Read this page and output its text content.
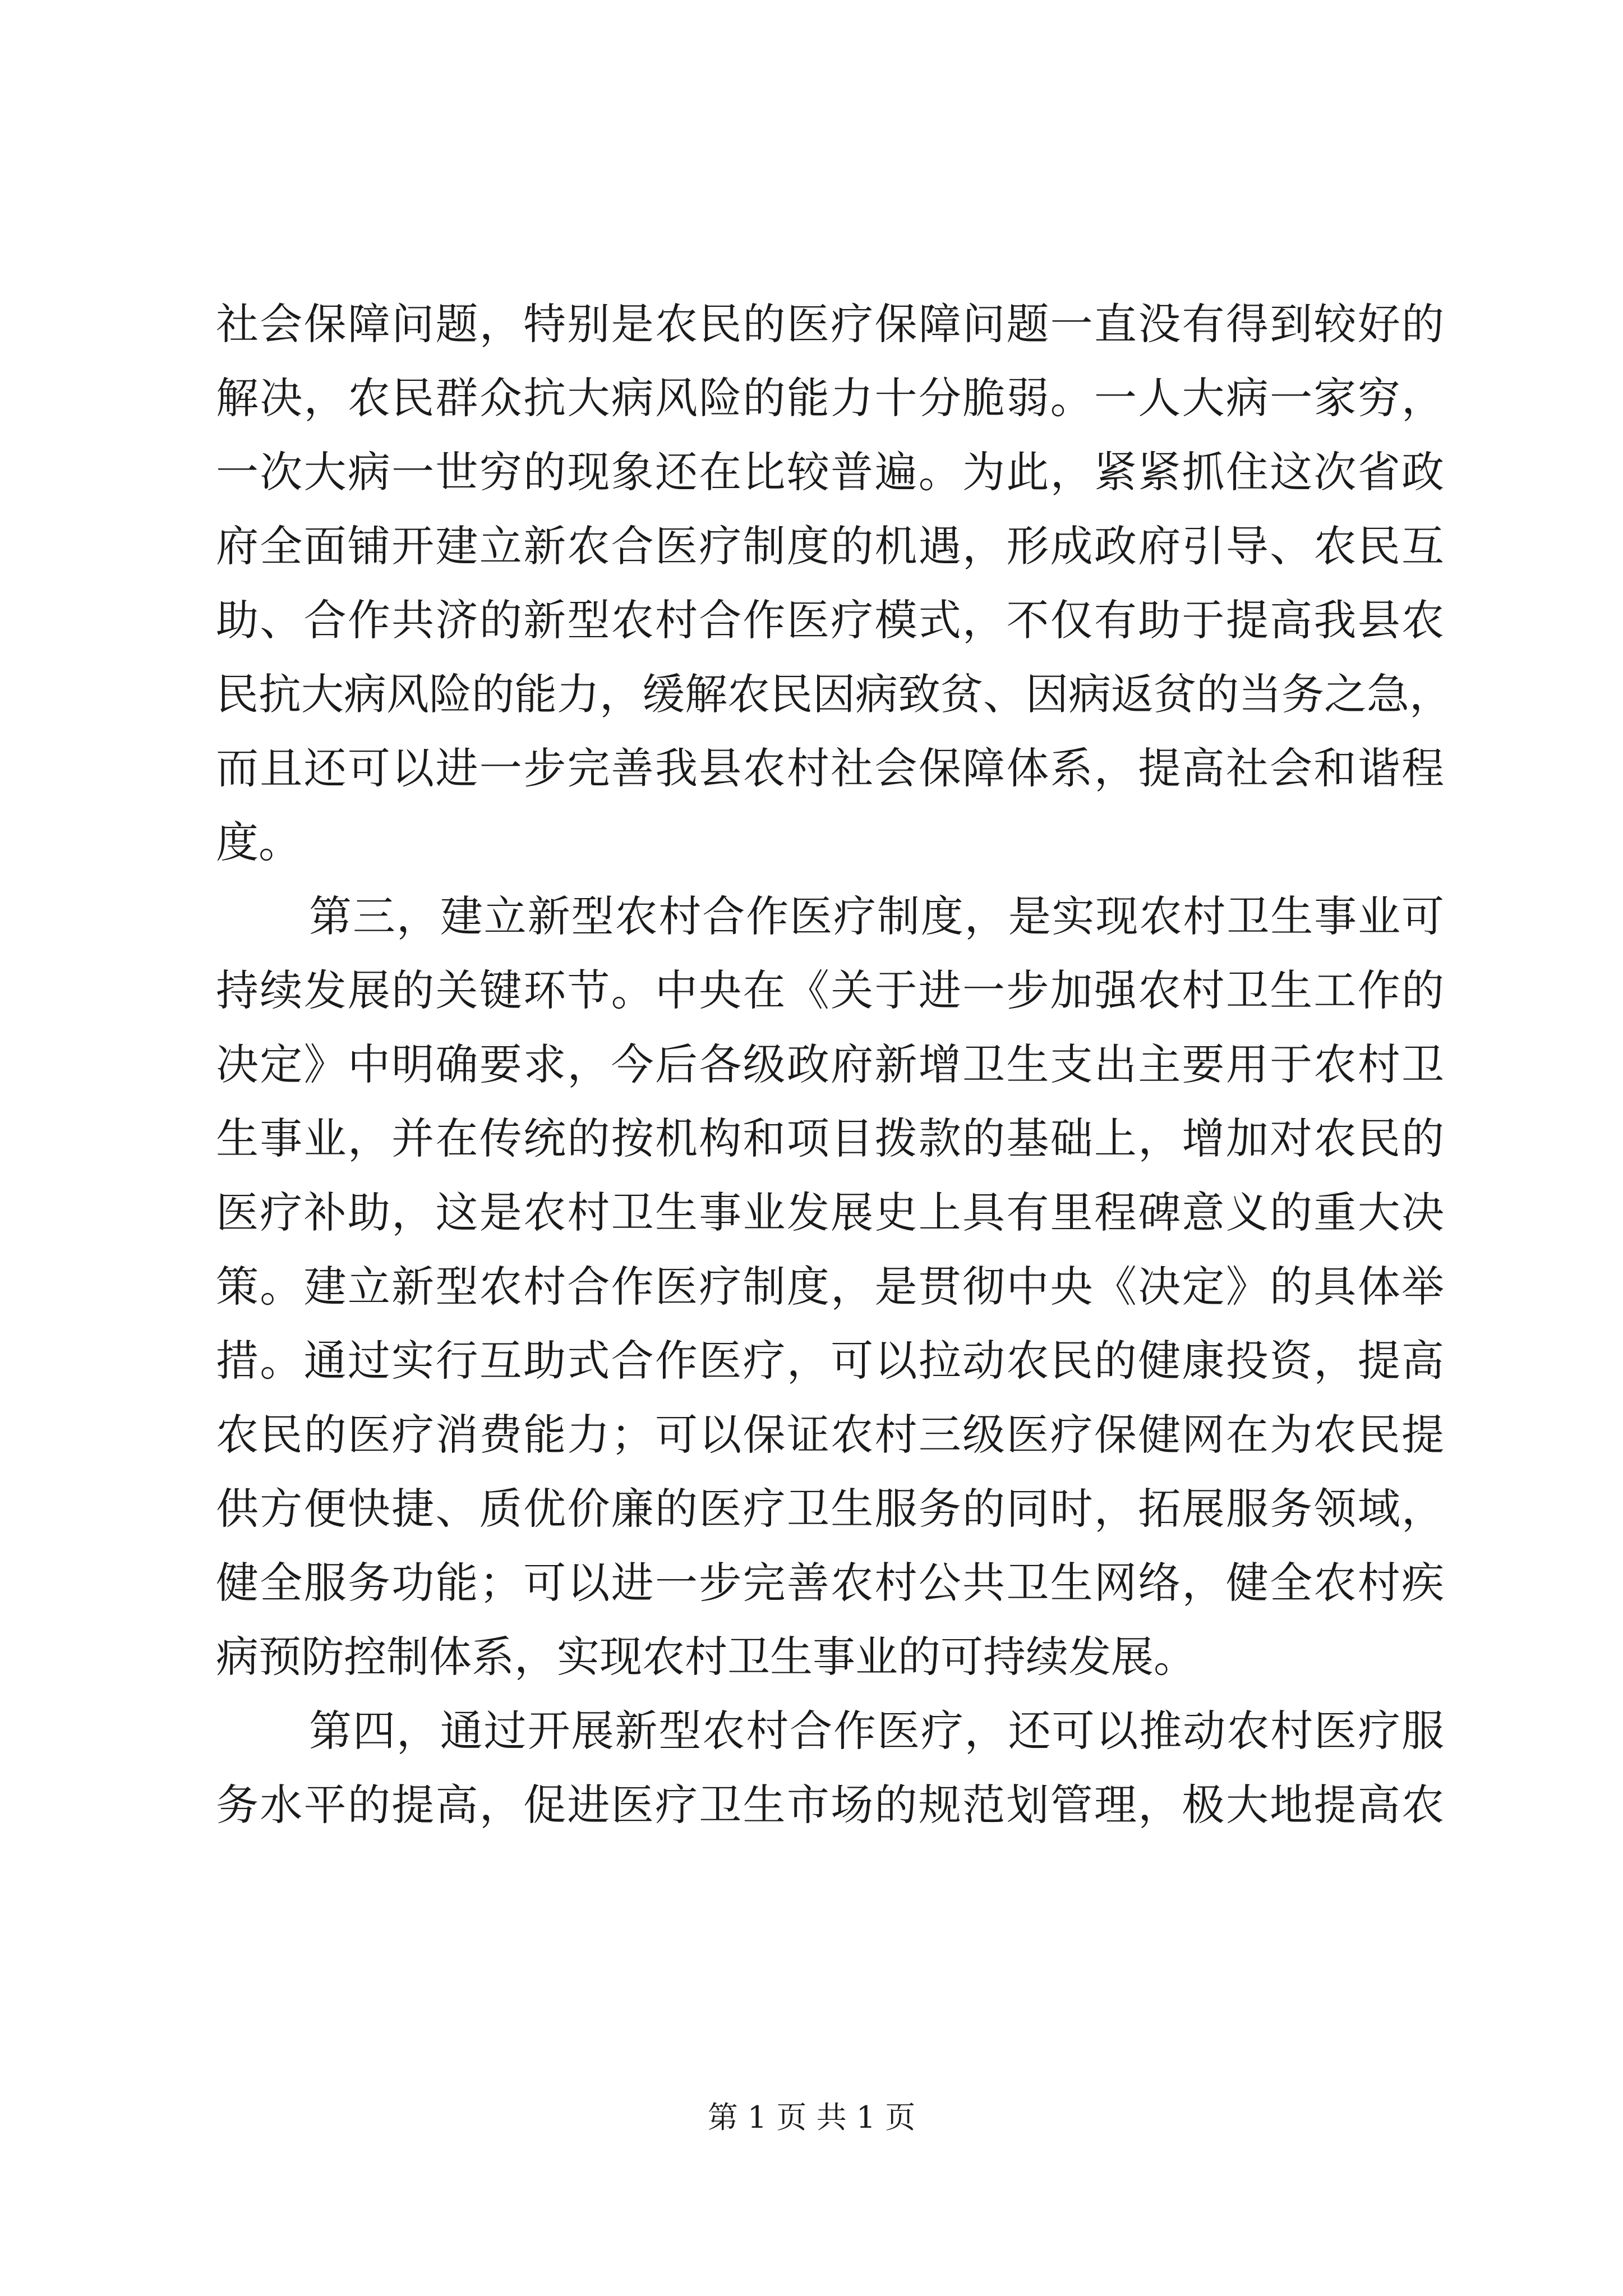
社会保障问题，特别是农民的医疗保障问题一直没有得到较好的
解决，农民群众抗大病风险的能力十分脆弱。一人大病一家穷，
一次大病一世穷的现象还在比较普遍。为此，紧紧抓住这次省政
府全面铺开建立新农合医疗制度的机遇，形成政府引导、农民互
助、合作共济的新型农村合作医疗模式，不仅有助于提高我县农
民抗大病风险的能力，缓解农民因病致贫、因病返贫的当务之急，
而且还可以进一步完善我县农村社会保障体系，提高社会和谐程
度。
第三，建立新型农村合作医疗制度，是实现农村卫生事业可
持续发展的关键环节。中央在《关于进一步加强农村卫生工作的
决定》中明确要求，今后各级政府新增卫生支出主要用于农村卫
生事业，并在传统的按机构和项目拨款的基础上，增加对农民的
医疗补助，这是农村卫生事业发展史上具有里程碑意义的重大决
策。建立新型农村合作医疗制度，是贯彻中央《决定》的具体举
措。通过实行互助式合作医疗，可以拉动农民的健康投资，提高
农民的医疗消费能力；可以保证农村三级医疗保健网在为农民提
供方便快捷、质优价廉的医疗卫生服务的同时，拓展服务领域，
健全服务功能；可以进一步完善农村公共卫生网络，健全农村疾
病预防控制体系，实现农村卫生事业的可持续发展。
第四，通过开展新型农村合作医疗，还可以推动农村医疗服
务水平的提高，促进医疗卫生市场的规范划管理，极大地提高农
第 1 页 共 1 页
